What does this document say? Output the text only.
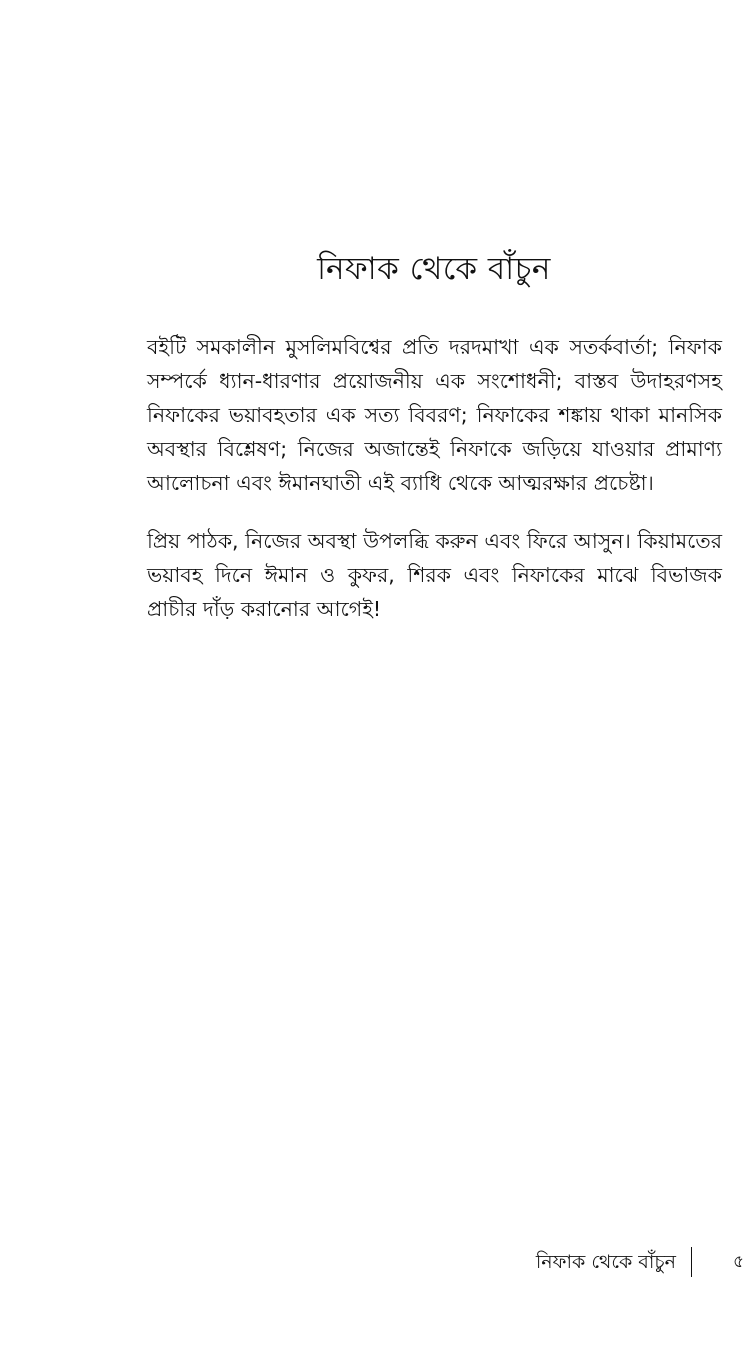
নিফাক থেকে বাঁচুন

বইটি সমকালীন মুসলিমবিশ্বের প্রতি দরদমাখা এক সতর্কবার্তা; নিফাক সম্পর্কে ধ্যান-ধারণার প্রয়োজনীয় এক সংশোধনী; বাস্তব উদাহরণসহ নিফাকের ভয়াবহতার এক সত্য বিবরণ; নিফাকের শঙ্কায় থাকা মানসিক অবস্থার বিশ্লেষণ; নিজের অজান্তেই নিফাকে জড়িয়ে যাওয়ার প্রামাণ্য আলোচনা এবং ঈমানঘাতী এই ব্যাধি থেকে আত্মরক্ষার প্রচেষ্টা।

প্রিয় পাঠক, নিজের অবস্থা উপলব্ধি করুন এবং ফিরে আসুন। কিয়ামতের ভয়াবহ দিনে ঈমান ও কুফর, শিরক এবং নিফাকের মাঝে বিভাজক প্রাচীর দাঁড় করানোর আগেই!

নিফাক থেকে বাঁচুন	৫
